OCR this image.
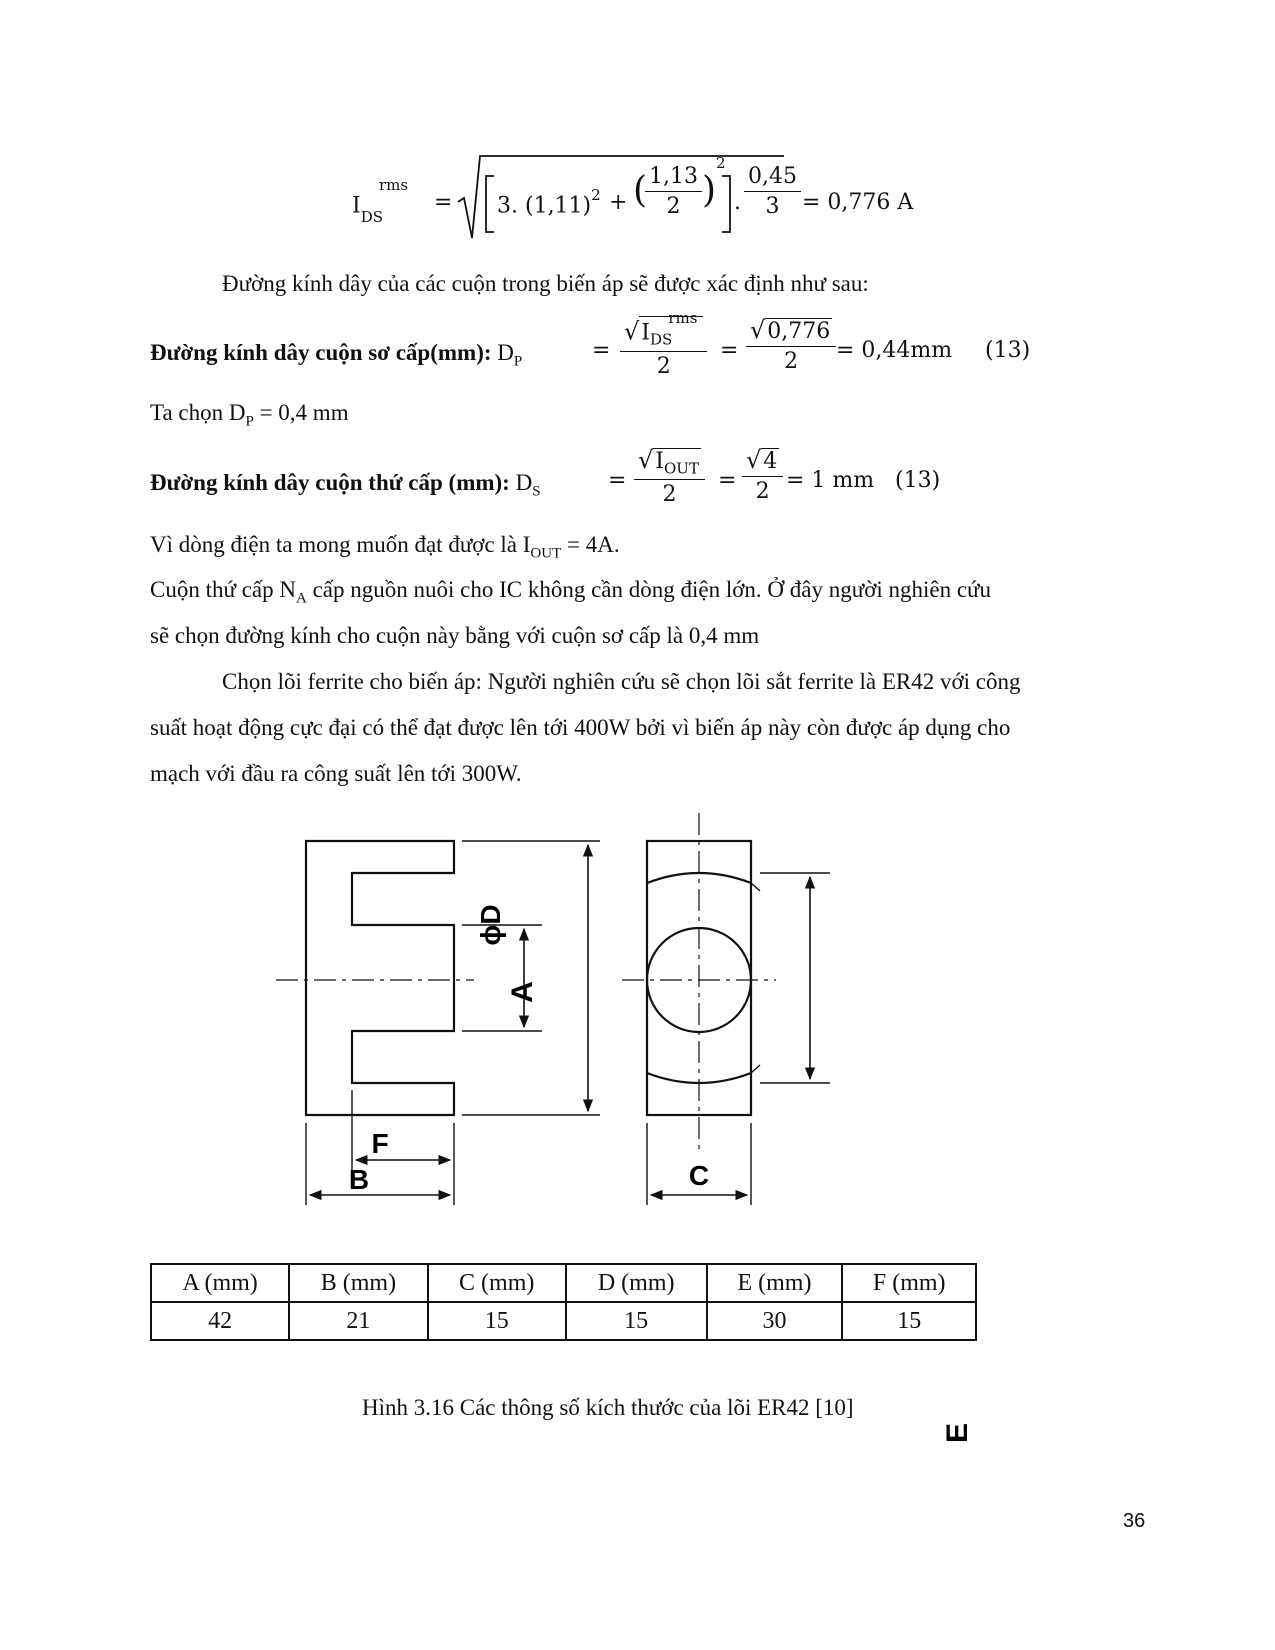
$I_{DS}^{rms}$
= 3. $(1,11)^2$ + (
$\frac{1,13}{2}$ )
2
. $\frac{0,45}{3} = 0,776$ A
Đường kính dây của các cuộn trong biến áp sẽ được xác định như sau:
Đường kính dây cuộn sơ cấp(mm): $D_P$	=
$√I_{DS}^{rms}$
2
= $\frac{√0,776}{2} = 0,44mm$ (13)
Ta chọn $D_P = 0,4$ mm
Đường kính dây cuộn thứ cấp (mm): $D_S$	=
$√I_{OUT}$
2
= $\frac{√4}{2} = 1$ mm (13)
Vì dòng điện ta mong muốn đạt được là $I_{OUT} = 4A$.
Cuộn thứ cấp $N_A$ cấp nguồn nuôi cho IC không cần dòng điện lớn. Ở đây người nghiên cứu
sẽ chọn đường kính cho cuộn này bằng với cuộn sơ cấp là 0,4 mm
Chọn lõi ferrite cho biến áp: Người nghiên cứu sẽ chọn lõi sắt ferrite là ER42 với công
suất hoạt động cực đại có thể đạt được lên tới 400W bởi vì biến áp này còn được áp dụng cho
mạch với đầu ra công suất lên tới 300W.
ϕD
A
E
F
B	C
A (mm)	B (mm)	C (mm)	D (mm)	E (mm)	F (mm)
42	21	15	15	30	15
Hình 3.16 Các thông số kích thước của lõi ER42 [10]
36
